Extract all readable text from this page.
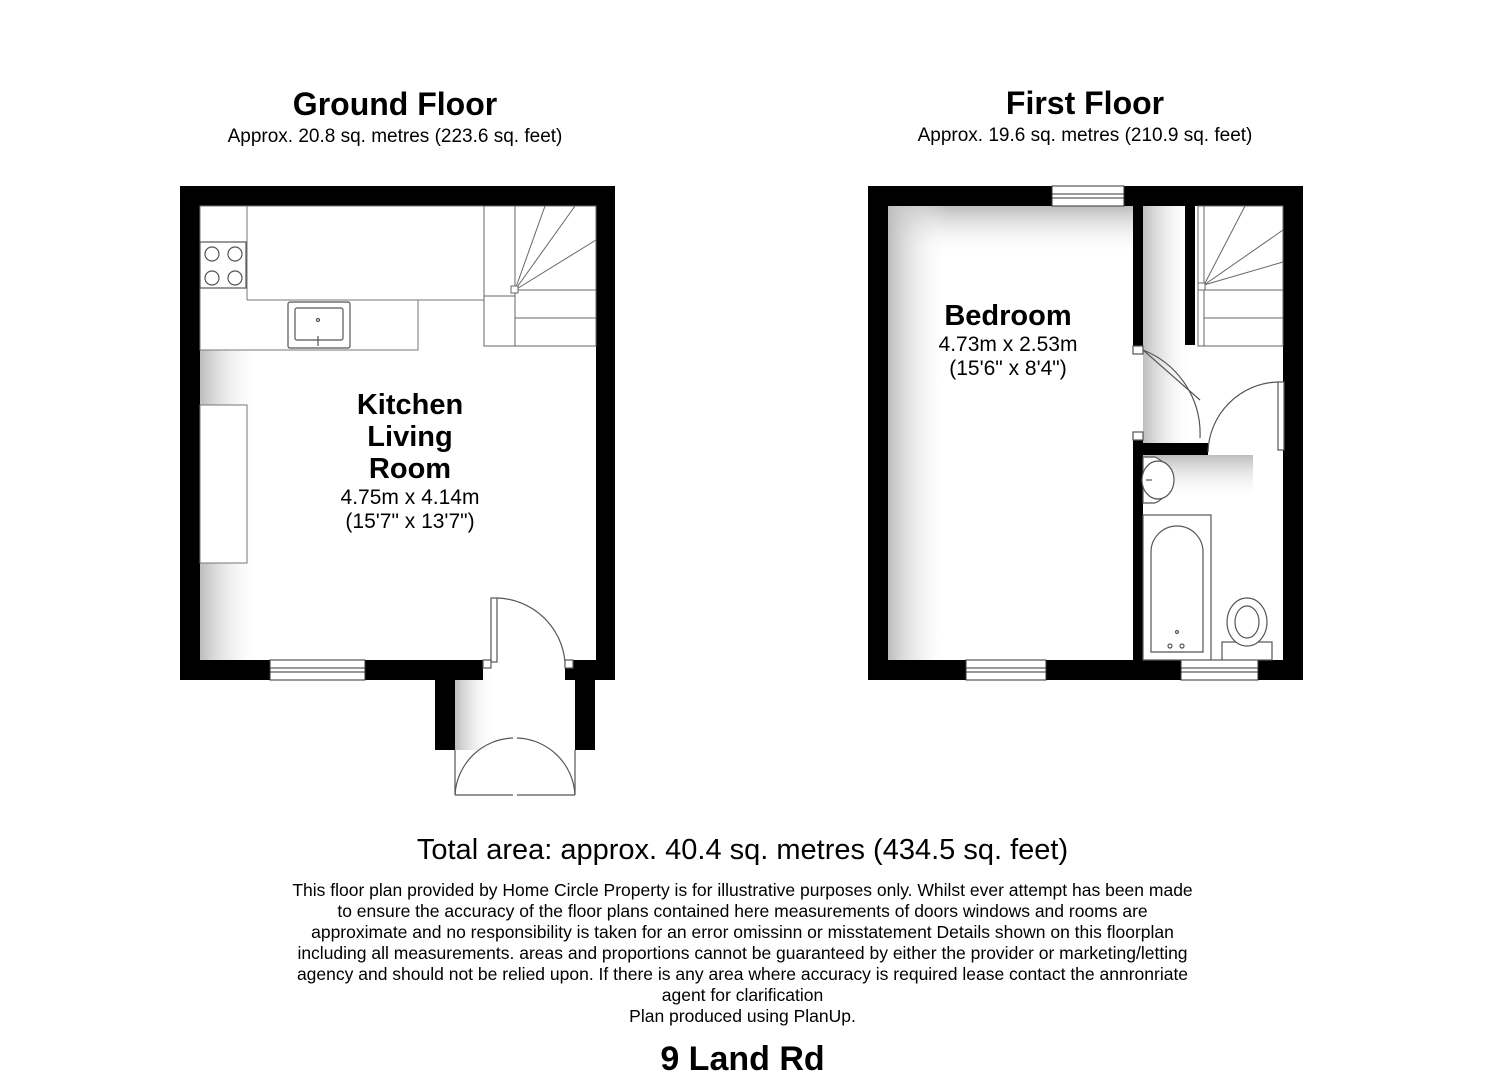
Ground Floor
Approx. 20.8 sq. metres (223.6 sq. feet)
First Floor
Approx. 19.6 sq. metres (210.9 sq. feet)
Kitchen
Living
Room
4.75m x 4.14m
(15'7" x 13'7")
Bedroom
4.73m x 2.53m
(15'6" x 8'4")
Total area: approx. 40.4 sq. metres (434.5 sq. feet)
This floor plan provided by Home Circle Property is for illustrative purposes only. Whilst ever attempt has been made
to ensure the accuracy of the floor plans contained here measurements of doors windows and rooms are
approximate and no responsibility is taken for an error omissinn or misstatement Details shown on this floorplan
including all measurements. areas and proportions cannot be guaranteed by either the provider or marketing/letting
agency and should not be relied upon. If there is any area where accuracy is required lease contact the annronriate
agent for clarification
Plan produced using PlanUp.
9 Land Rd
